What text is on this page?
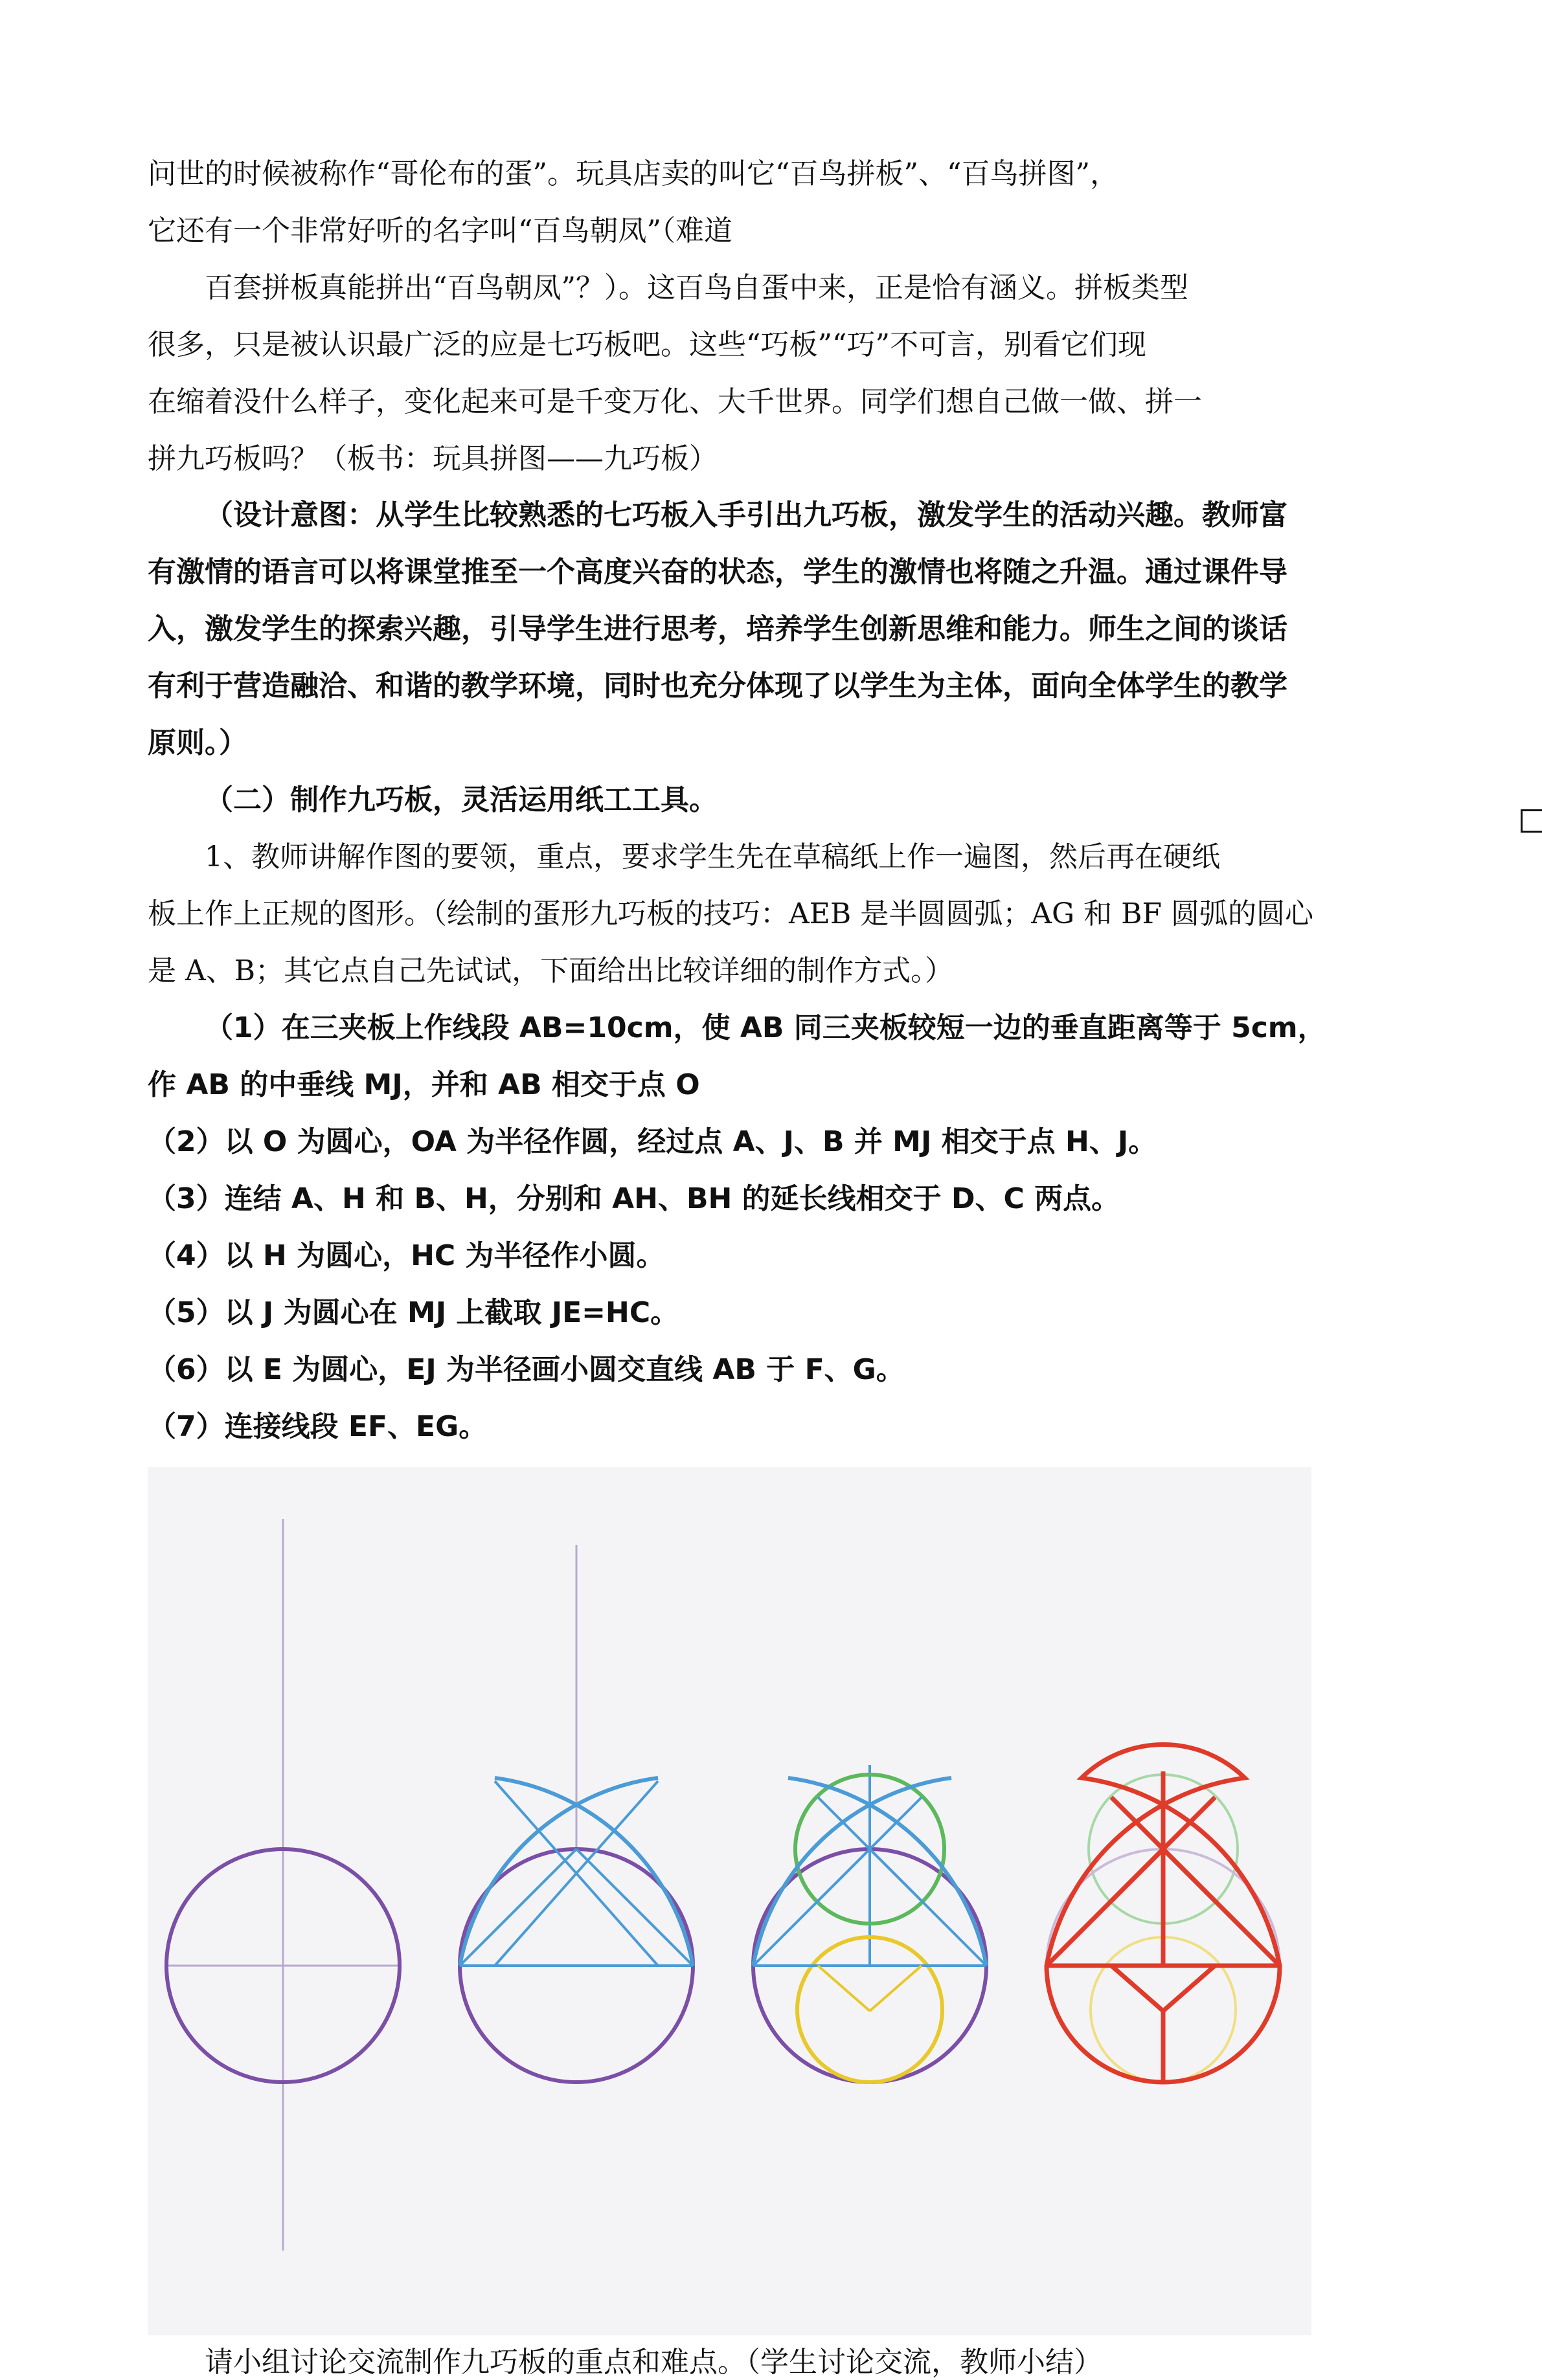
问世的时候被称作“哥伦布的蛋”。玩具店卖的叫它“百鸟拼板”、“百鸟拼图”，
它还有一个非常好听的名字叫“百鸟朝凤”（难道
百套拼板真能拼出“百鸟朝凤”？）。这百鸟自蛋中来，正是恰有涵义。拼板类型
很多，只是被认识最广泛的应是七巧板吧。这些“巧板”“巧”不可言，别看它们现
在缩着没什么样子，变化起来可是千变万化、大千世界。同学们想自己做一做、拼一
拼九巧板吗？（板书：玩具拼图——九巧板）
（设计意图：从学生比较熟悉的七巧板入手引出九巧板，激发学生的活动兴趣。教师富
有激情的语言可以将课堂推至一个高度兴奋的状态，学生的激情也将随之升温。通过课件导
入，激发学生的探索兴趣，引导学生进行思考，培养学生创新思维和能力。师生之间的谈话
有利于营造融洽、和谐的教学环境，同时也充分体现了以学生为主体，面向全体学生的教学
原则。）
（二）制作九巧板，灵活运用纸工工具。
1、教师讲解作图的要领，重点，要求学生先在草稿纸上作一遍图，然后再在硬纸
板上作上正规的图形。（绘制的蛋形九巧板的技巧：AEB 是半圆圆弧；AG 和 BF 圆弧的圆心
是 A、B；其它点自己先试试，下面给出比较详细的制作方式。）
（1）在三夹板上作线段 AB=10cm，使 AB 同三夹板较短一边的垂直距离等于 5cm，
作 AB 的中垂线 MJ，并和 AB 相交于点 O
（2）以 O 为圆心，OA 为半径作圆，经过点 A、J、B 并 MJ 相交于点 H、J。
（3）连结 A、H 和 B、H，分别和 AH、BH 的延长线相交于 D、C 两点。
（4）以 H 为圆心，HC 为半径作小圆。
（5）以 J 为圆心在 MJ 上截取 JE=HC。
（6）以 E 为圆心，EJ 为半径画小圆交直线 AB 于 F、G。
（7）连接线段 EF、EG。
请小组讨论交流制作九巧板的重点和难点。（学生讨论交流，教师小结）
